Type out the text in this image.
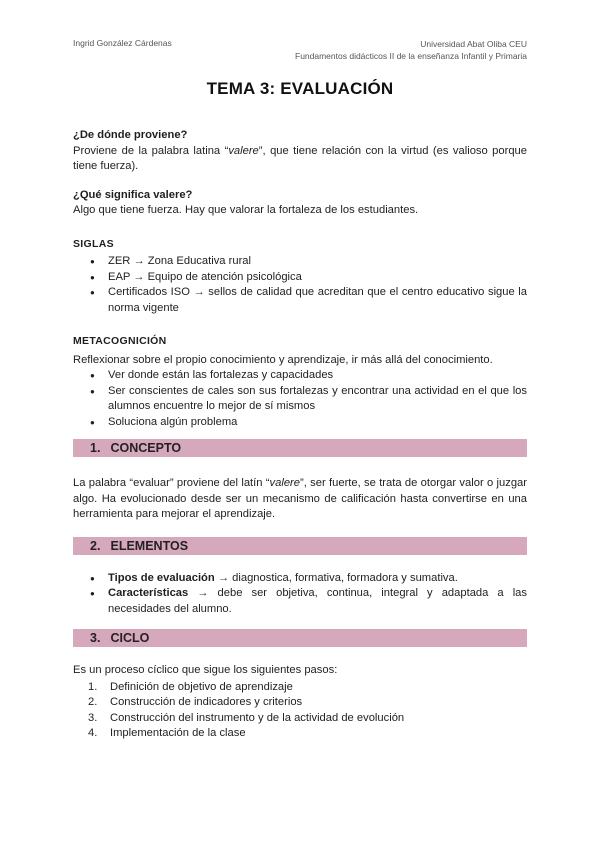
Ingrid González Cárdenas	Universidad Abat Oliba CEU
Fundamentos didácticos II de la enseñanza Infantil y Primaria
TEMA 3: EVALUACIÓN

¿De dónde proviene?

Proviene de la palabra latina “valere”, que tiene relación con la virtud (es valioso porque tiene fuerza).

¿Qué significa valere?

Algo que tiene fuerza. Hay que valorar la fortaleza de los estudiantes.

SIGLAS

● ZER → Zona Educativa rural
● EAP → Equipo de atención psicológica
● Certificados ISO → sellos de calidad que acreditan que el centro educativo sigue la norma vigente

METACOGNICIÓN

Reflexionar sobre el propio conocimiento y aprendizaje, ir más allá del conocimiento.

● Ver donde están las fortalezas y capacidades
● Ser conscientes de cales son sus fortalezas y encontrar una actividad en el que los alumnos encuentre lo mejor de sí mismos
● Soluciona algún problema
1. CONCEPTO

La palabra “evaluar” proviene del latín “valere”, ser fuerte, se trata de otorgar valor o juzgar algo. Ha evolucionado desde ser un mecanismo de calificación hasta convertirse en una herramienta para mejorar el aprendizaje.

2. ELEMENTOS
● Tipos de evaluación → diagnostica, formativa, formadora y sumativa.
● Características → debe ser objetiva, continua, integral y adaptada a las necesidades del alumno.
3. CICLO

Es un proceso cíclico que sigue los siguientes pasos:

1. Definición de objetivo de aprendizaje
2. Construcción de indicadores y criterios
3. Construcción del instrumento y de la actividad de evolución
4. Implementación de la clase
